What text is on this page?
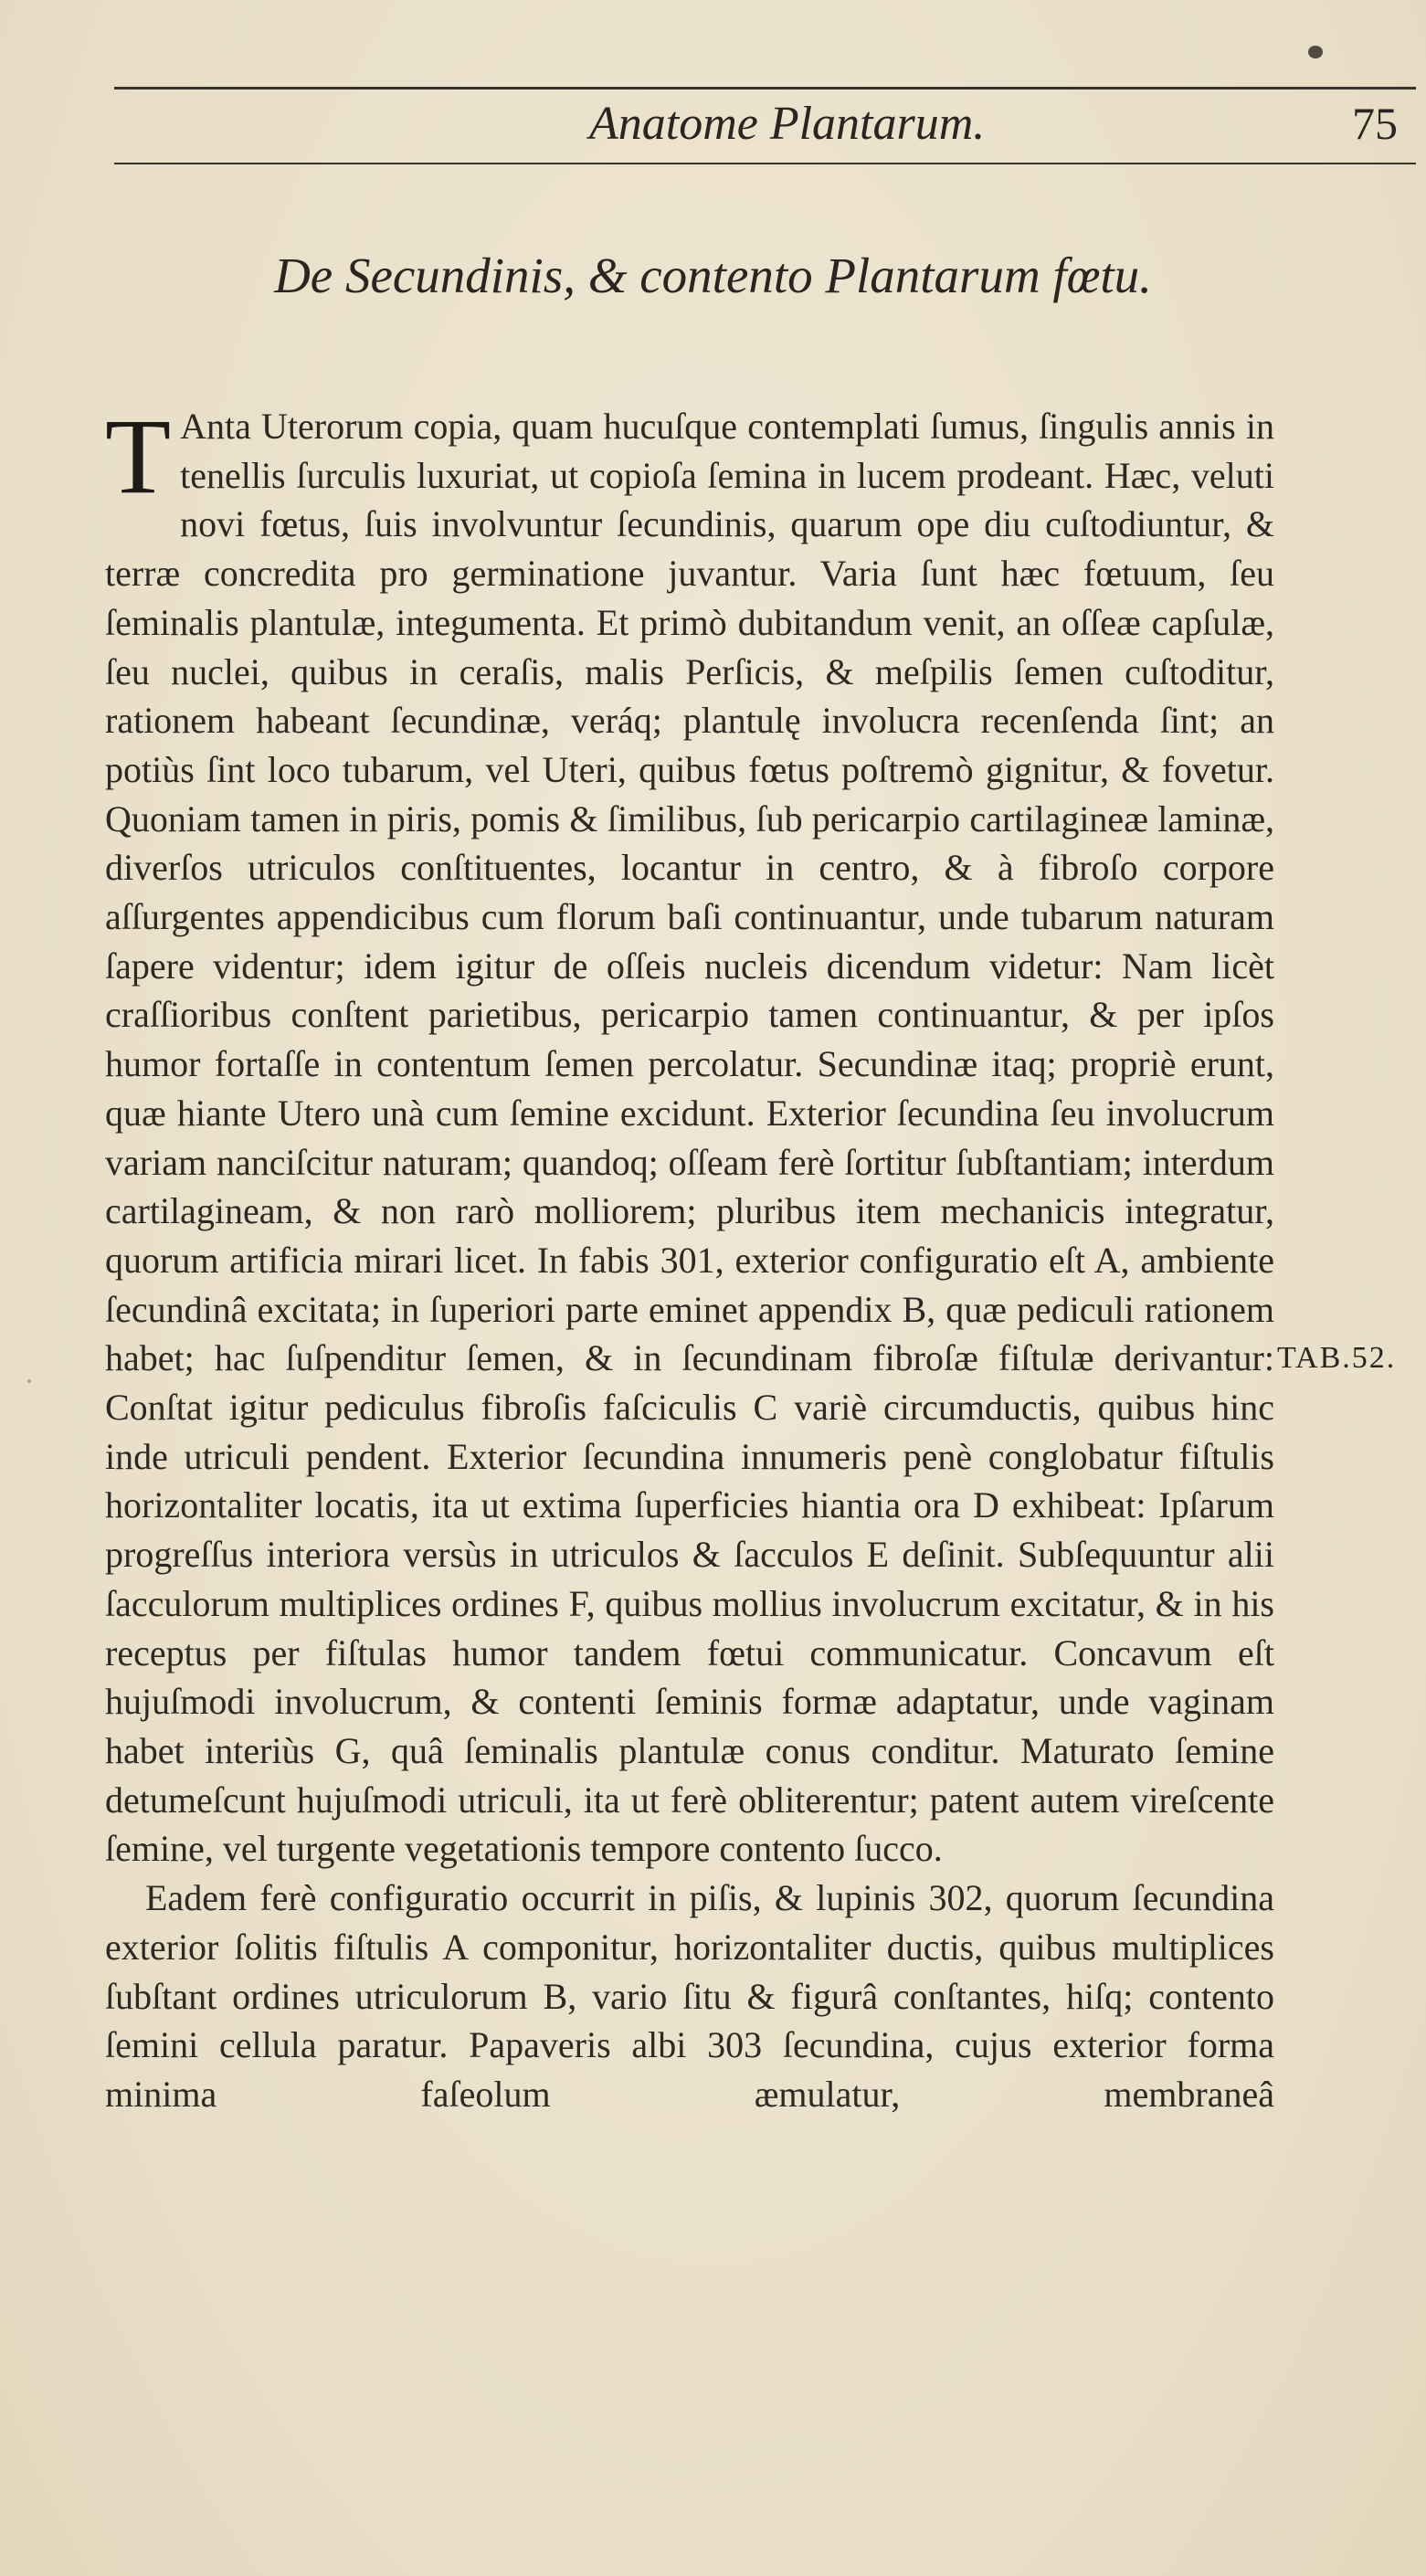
Anatome Plantarum.	75
De Secundinis, & contento Plantarum fœtu.
TAB.52.

T Anta Uterorum copia, quam hucuſque contemplati ſumus, ſingulis annis in tenellis ſurculis luxuriat, ut copioſa ſemina in lucem prodeant. Hæc, veluti novi fœtus, ſuis involvuntur ſecundinis, quarum ope diu cuſtodiuntur, & terræ concredita pro germinatione juvantur. Varia ſunt hæc fœtuum, ſeu ſeminalis plantulæ, integumenta. Et primò dubitandum venit, an oſſeæ capſulæ, ſeu nuclei, quibus in ceraſis, malis Perſicis, & meſpilis ſemen cuſtoditur, rationem habeant ſecundinæ, veráq; plantulę involucra recenſenda ſint; an potiùs ſint loco tubarum, vel Uteri, quibus fœtus poſtremò gignitur, & fovetur. Quoniam tamen in piris, pomis & ſimilibus, ſub pericarpio cartilagineæ laminæ, diverſos utriculos conſtituentes, locantur in centro, & à fibroſo corpore aſſurgentes appendicibus cum florum baſi continuantur, unde tubarum naturam ſapere videntur; idem igitur de oſſeis nucleis dicendum videtur: Nam licèt craſſioribus conſtent parietibus, pericarpio tamen continuantur, & per ipſos humor fortaſſe in contentum ſemen percolatur. Secundinæ itaq; propriè erunt, quæ hiante Utero unà cum ſemine excidunt. Exterior ſecundina ſeu involucrum variam nanciſcitur naturam; quandoq; oſſeam ferè ſortitur ſubſtantiam; interdum cartilagineam, & non rarò molliorem; pluribus item mechanicis integratur, quorum artificia mirari licet. In fabis 301, exterior configuratio eſt A, ambiente ſecundinâ excitata; in ſuperiori parte eminet appendix B, quæ pediculi rationem habet; hac ſuſpenditur ſemen, & in ſecundinam fibroſæ fiſtulæ derivantur: Conſtat igitur pediculus fibroſis faſciculis C variè circumductis, quibus hinc inde utriculi pendent. Exterior ſecundina innumeris penè conglobatur fiſtulis horizontaliter locatis, ita ut extima ſuperficies hiantia ora D exhibeat: Ipſarum progreſſus interiora versùs in utriculos & ſacculos E deſinit. Subſequuntur alii ſacculorum multiplices ordines F, quibus mollius involucrum excitatur, & in his receptus per fiſtulas humor tandem fœtui communicatur. Concavum eſt hujuſmodi involucrum, & contenti ſeminis formæ adaptatur, unde vaginam habet interiùs G, quâ ſeminalis plantulæ conus conditur. Maturato ſemine detumeſcunt hujuſmodi utriculi, ita ut ferè obliterentur; patent autem vireſcente ſemine, vel turgente vegetationis tempore contento ſucco.

Eadem ferè configuratio occurrit in piſis, & lupinis 302, quorum ſecundina exterior ſolitis fiſtulis A componitur, horizontaliter ductis, quibus multiplices ſubſtant ordines utriculorum B, vario ſitu & figurâ conſtantes, hiſq; contento ſemini cellula paratur. Papaveris albi 303 ſecundina, cujus exterior forma minima faſeolum æmulatur, membraneâ
